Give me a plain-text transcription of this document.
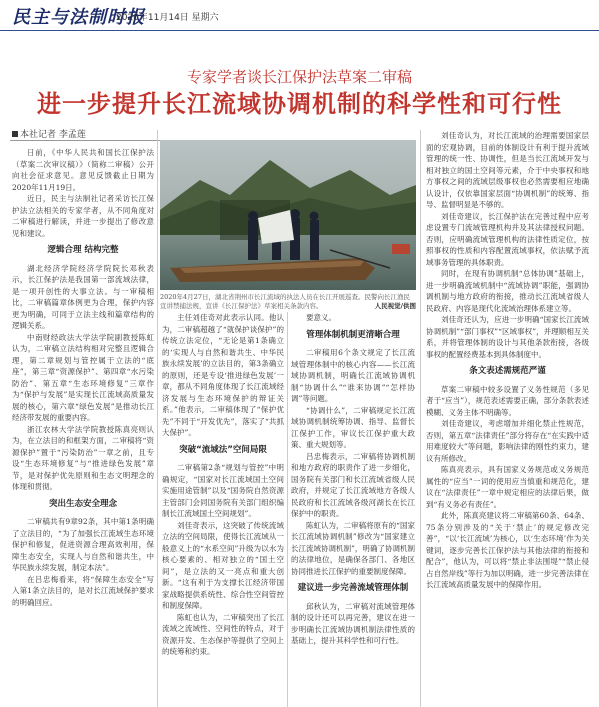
民主与法制时报
2020年11月14日 星期六
专家学者谈长江保护法草案二审稿
进一步提升长江流域协调机制的科学性和可行性
本社记者 李孟莲
2020年4月27日，湖北省荆州市长江流域的执法人员在长江开展巡查。民警向长江渔民宣讲禁捕法规，宣讲《长江保护法》草案相关条款内容。	人民视觉/供图

日前，《中华人民共和国长江保护法（草案二次审议稿）》（简称二审稿）公开向社会征求意见。意见反馈截止日期为2020年11月19日。

近日，民主与法制社记者采访长江保护法立法相关的专家学者，从不同角度对二审稿进行解读，并进一步提出了修改意见和建议。

逻辑合理 结构完整

湖北经济学院经济学院院长邓秋表示，长江保护法是我国第一部流域法律，是一项开创性的大事立法。与一审稿相比，二审稿篇章体例更为合理，保护内容更为明确，可同于立法主线和篇章结构的逻辑关系。

中南财经政法大学法学院副教授陈虹认为，二审稿立法结构相对完整且逻辑合理，第二章规划与管控属于立法的“底座”，第三章“资源保护”、第四章“水污染防治”、第五章“生态环境修复”三章作为“保护与发展”是实现长江流域高质量发展的核心，第六章“绿色发展”是推动长江经济带发展的重要内容。

浙江农林大学法学院教授陈真亮则认为，在立法目的和框架方面，二审稿将“资源保护”置于“污染防治”一章之前，且专设“生态环境修复”与“推进绿色发展”章节，是对保护优先原则和生态文明理念的体现和贯彻。

突出生态安全理念

二审稿共有9章92条，其中第1条明确了立法目的，“为了加强长江流域生态环境保护和修复，促进资源合理高效利用，保障生态安全，实现人与自然和谐共生，中华民族永续发展，制定本法”。

在吕忠梅看来，将“保障生态安全”写入第1条立法目的，是对长江流域保护要求的明确回应。

主任刘佳奇对此表示认同。他认为，二审稿超越了“就保护谈保护”的传统立法定位，“无论是第1条确立的‘实现人与自然和谐共生、中华民族永续发展’的立法目的，第3条确立的原则，还是专设‘推进绿色发展’一章，都从不同角度体现了长江流域经济发展与生态环境保护的辩证关系。”他表示，二审稿体现了“保护优先”不同于“开发优先”，落实了“共抓大保护”。

突破“流域法”空间局限

二审稿第2条“规划与管控”中明确规定，“国家对长江流域国土空间实施用途管制”以及“国务院自然资源主管部门会同国务院有关部门组织编制长江流域国土空间规划”。

刘佳奇表示，这突破了传统流域立法的空间局限，使得长江流域从一般意义上的“水系空间”升级为以水为核心要素的、相对独立的“国土空间”，是立法的又一亮点和重大创新。“这有利于为支撑长江经济带国家战略提供系统性、综合性空间管控和制度保障。

陈虹也认为，二审稿突出了长江流域之流域性、空间性的特点，对于资源开发、生态保护等提供了空间上的统筹和约束。

要意义。

管理体制机制更清晰合理

二审稿用6个条文规定了长江流域管理体制中的核心内容——长江流域协调机制，明确长江流域协调机制“协调什么”“谁来协调”“怎样协调”等问题。

“协调什么”，二审稿规定长江流域协调机制统筹协调、指导、监督长江保护工作，审议长江保护重大政策、重大规划等。

吕忠梅表示，二审稿将协调机制和地方政府的职责作了进一步细化，国务院有关部门和长江流域省级人民政府，并规定了长江流域地方各级人民政府和长江流域各级河湖长在长江保护中的职责。

陈虹认为，二审稿将原有的“国家长江流域协调机制”修改为“国家建立长江流域协调机制”，明确了协调机制的法律地位，是确保各部门、各地区协同推进长江保护的重要制度保障。

建议进一步完善流域管理体制

邱秋认为，二审稿对流域管理体制的设计还可以再完善，建议在进一步明确长江流域协调机制法律性质的基础上，提升其科学性和可行性。

刘佳奇认为，对长江流域的治理需要国家层面的宏观协调，目前的体制设计有利于提升流域管理的统一性、协调性，但是当长江流域开发与相对独立的国土空间等元素，介于中央事权和地方事权之间的流域层级事权也必然需要相应地确认设计，仅依靠国家层面“协调机制”的统筹、指导、监督明显是不够的。

刘佳奇建议，长江保护法在完善过程中应考虑设置专门流域管理机构并及其法律授权问题。否则，应明确流域管理机构的法律性质定位，按照事权的性质和内容配置流域事权，依法赋予流域事务管理的具体职责。

同时，在现有协调机制“总体协调”基础上，进一步明确流域机制中“流域协调”职能，强调协调机制与地方政府的衔接，推动长江流域省级人民政府、内容是现代化流域治理体系建立等。

刘佳奇还认为，应进一步明确“国家长江流域协调机制”“部门事权”“区域事权”，并理顺相互关系，并将管理体制的设计与其他条款衔接，各级事权的配置经费基本到具体制度中。

条文表述需规范严谨

草案二审稿中较多设置了义务性规范（多见者于“应当”），规范表述需要正确，部分条款表述模糊、义务主体不明确等。

刘佳奇建议，考虑增加并细化禁止性规范，否则，第五章“法律责任”部分将存在“在实践中适用难度较大”等问题，影响法律的刚性约束力，建议有所修改。

陈真亮表示，具有国家义务规范或义务规范属性的“应当”一词的使用应当慎重和规范化，建议在“法律责任”一章中规定相应的法律后果，做到“有义务必有责任”。

此外，陈真亮建议将二审稿第60条、64条、75条分别涉及的“关于‘禁止’的规定修改完善”，“以‘长江流域’为核心，以‘生态环境’作为关键词，逐步完善长江保护法与其他法律的衔接和配合”，他认为，可以将“禁止非法围堤”“禁止侵占自然岸线”等行为加以明确，进一步完善法律在长江流域高质量发展中的保障作用。
